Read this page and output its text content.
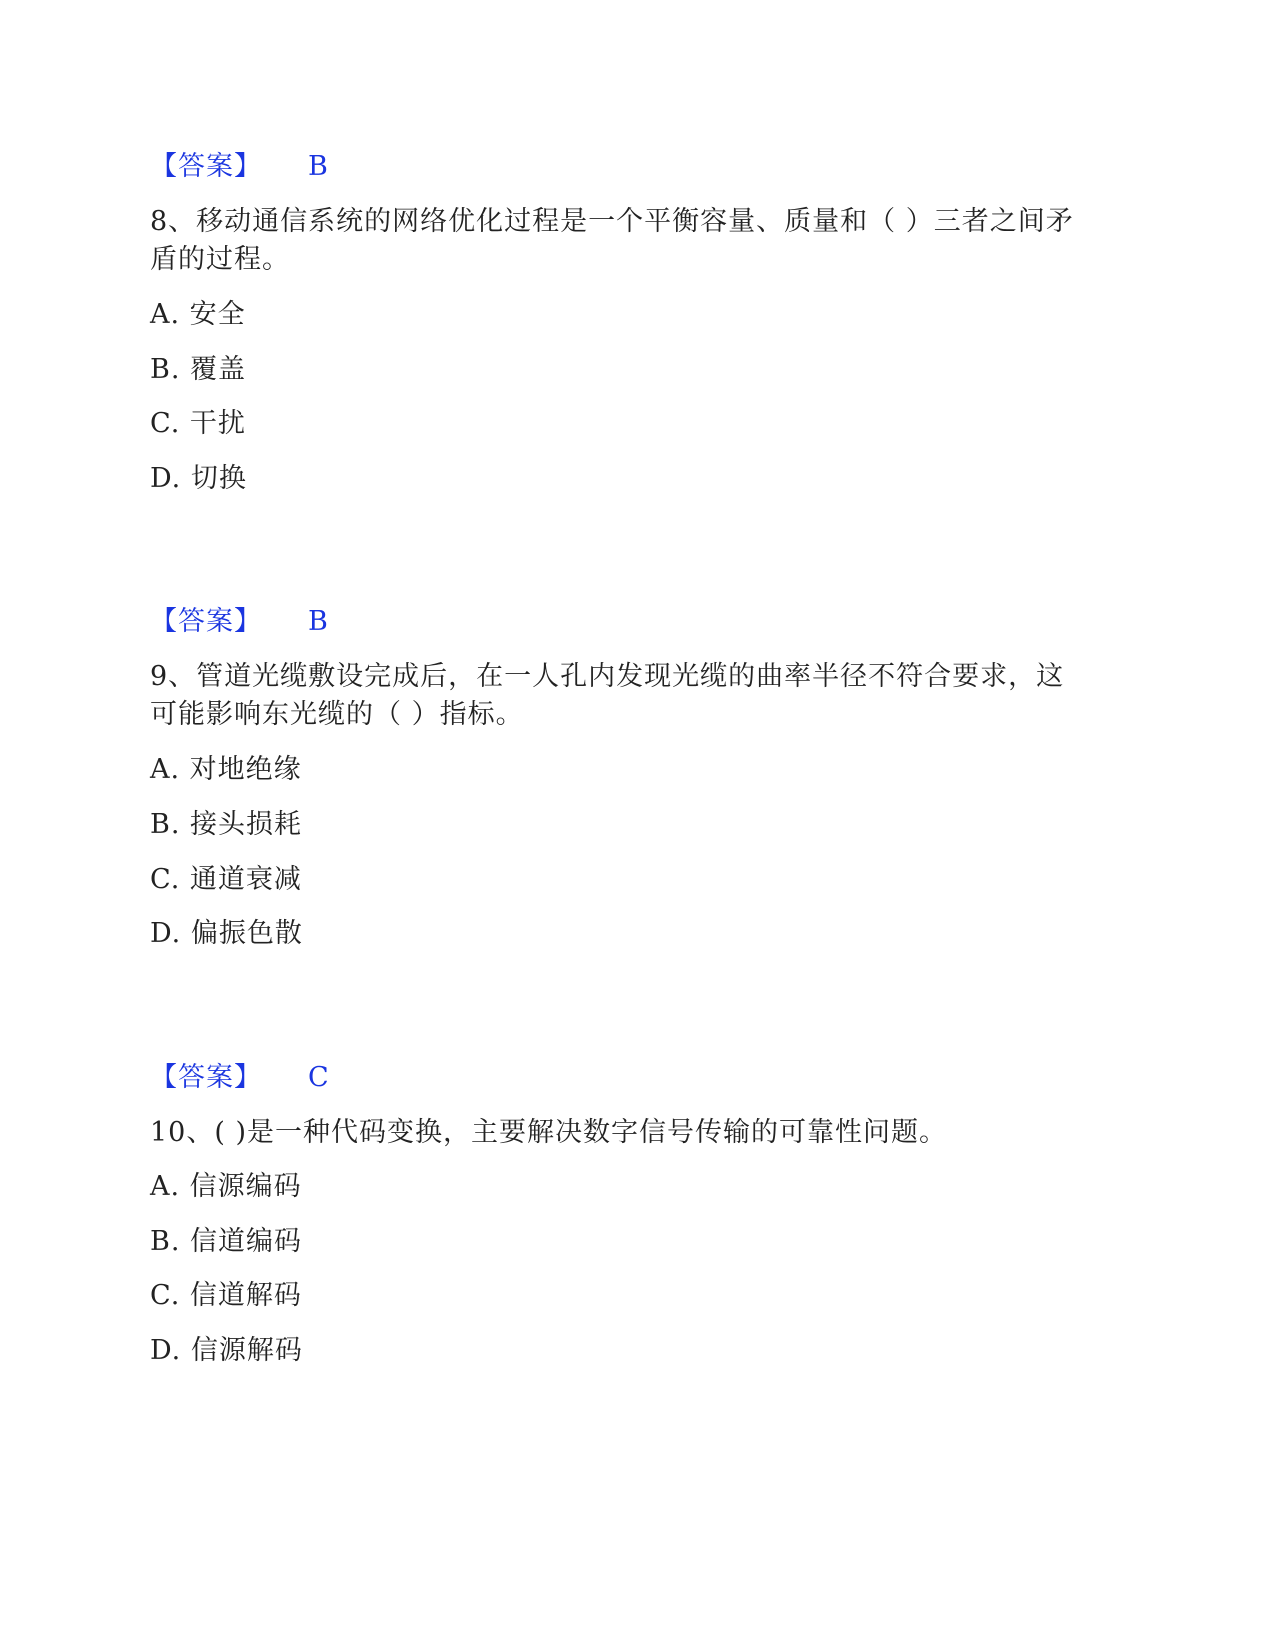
【答案】 B
8、移动通信系统的网络优化过程是一个平衡容量、质量和（ ）三者之间矛
盾的过程。
A. 安全
B. 覆盖
C. 干扰
D. 切换
【答案】 B
9、管道光缆敷设完成后，在一人孔内发现光缆的曲率半径不符合要求，这
可能影响东光缆的（ ）指标。
A. 对地绝缘
B. 接头损耗
C. 通道衰减
D. 偏振色散
【答案】 C
10、( )是一种代码变换，主要解决数字信号传输的可靠性问题。
A. 信源编码
B. 信道编码
C. 信道解码
D. 信源解码
